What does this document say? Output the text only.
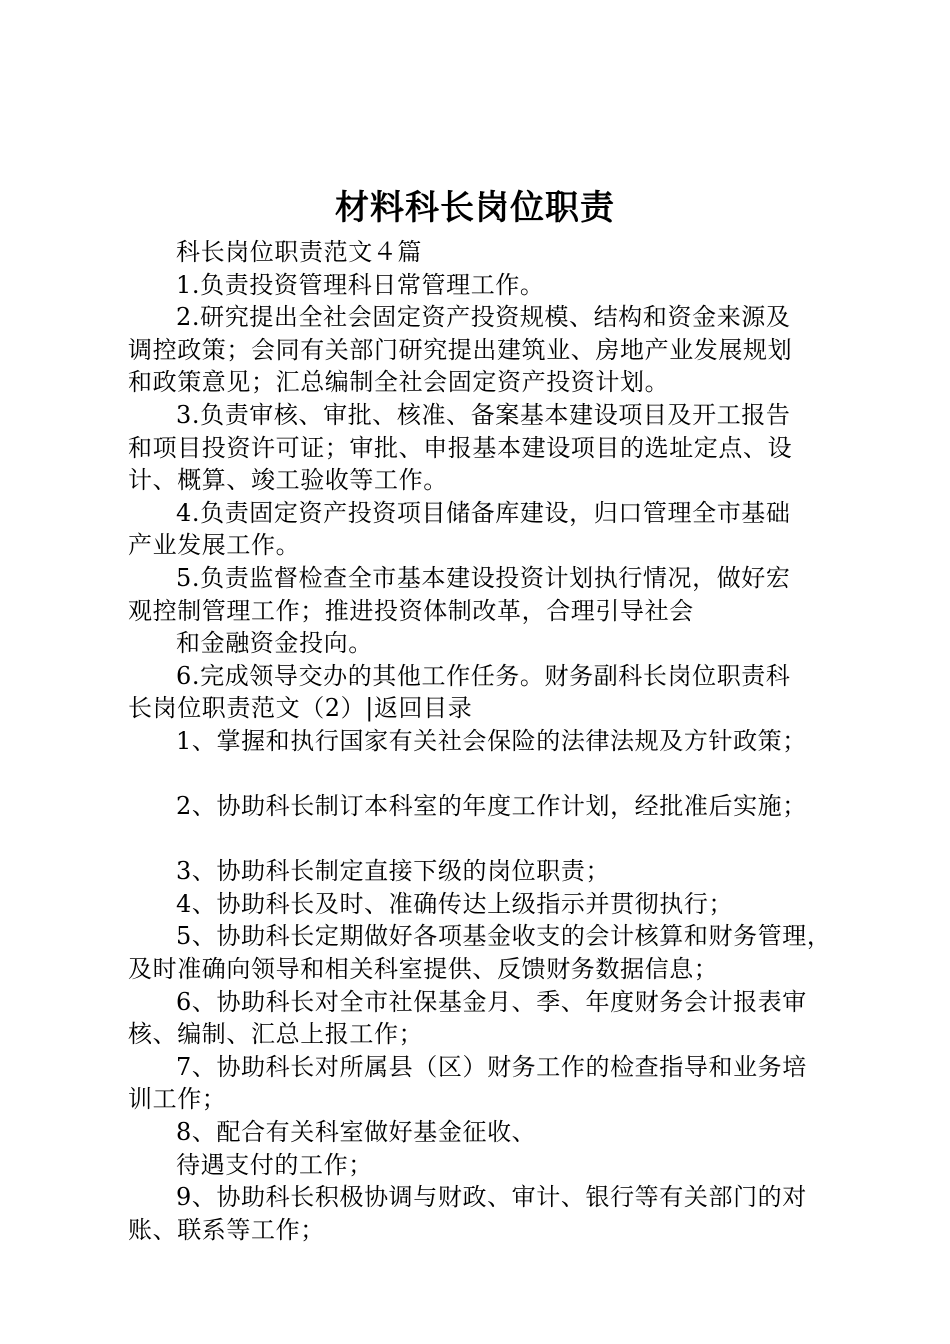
材料科长岗位职责
科长岗位职责范文４篇
1.负责投资管理科日常管理工作。
2.研究提出全社会固定资产投资规模、结构和资金来源及
调控政策；会同有关部门研究提出建筑业、房地产业发展规划
和政策意见；汇总编制全社会固定资产投资计划。
3.负责审核、审批、核准、备案基本建设项目及开工报告
和项目投资许可证；审批、申报基本建设项目的选址定点、设
计、概算、竣工验收等工作。
4.负责固定资产投资项目储备库建设，归口管理全市基础
产业发展工作。
5.负责监督检查全市基本建设投资计划执行情况，做好宏
观控制管理工作；推进投资体制改革，合理引导社会
和金融资金投向。
6.完成领导交办的其他工作任务。财务副科长岗位职责科
长岗位职责范文（2）|返回目录
1、掌握和执行国家有关社会保险的法律法规及方针政策；
2、协助科长制订本科室的年度工作计划，经批准后实施；
3、协助科长制定直接下级的岗位职责；
4、协助科长及时、准确传达上级指示并贯彻执行；
5、协助科长定期做好各项基金收支的会计核算和财务管理，
及时准确向领导和相关科室提供、反馈财务数据信息；
6、协助科长对全市社保基金月、季、年度财务会计报表审
核、编制、汇总上报工作；
7、协助科长对所属县（区）财务工作的检查指导和业务培
训工作；
8、配合有关科室做好基金征收、
待遇支付的工作；
9、协助科长积极协调与财政、审计、银行等有关部门的对
账、联系等工作；
